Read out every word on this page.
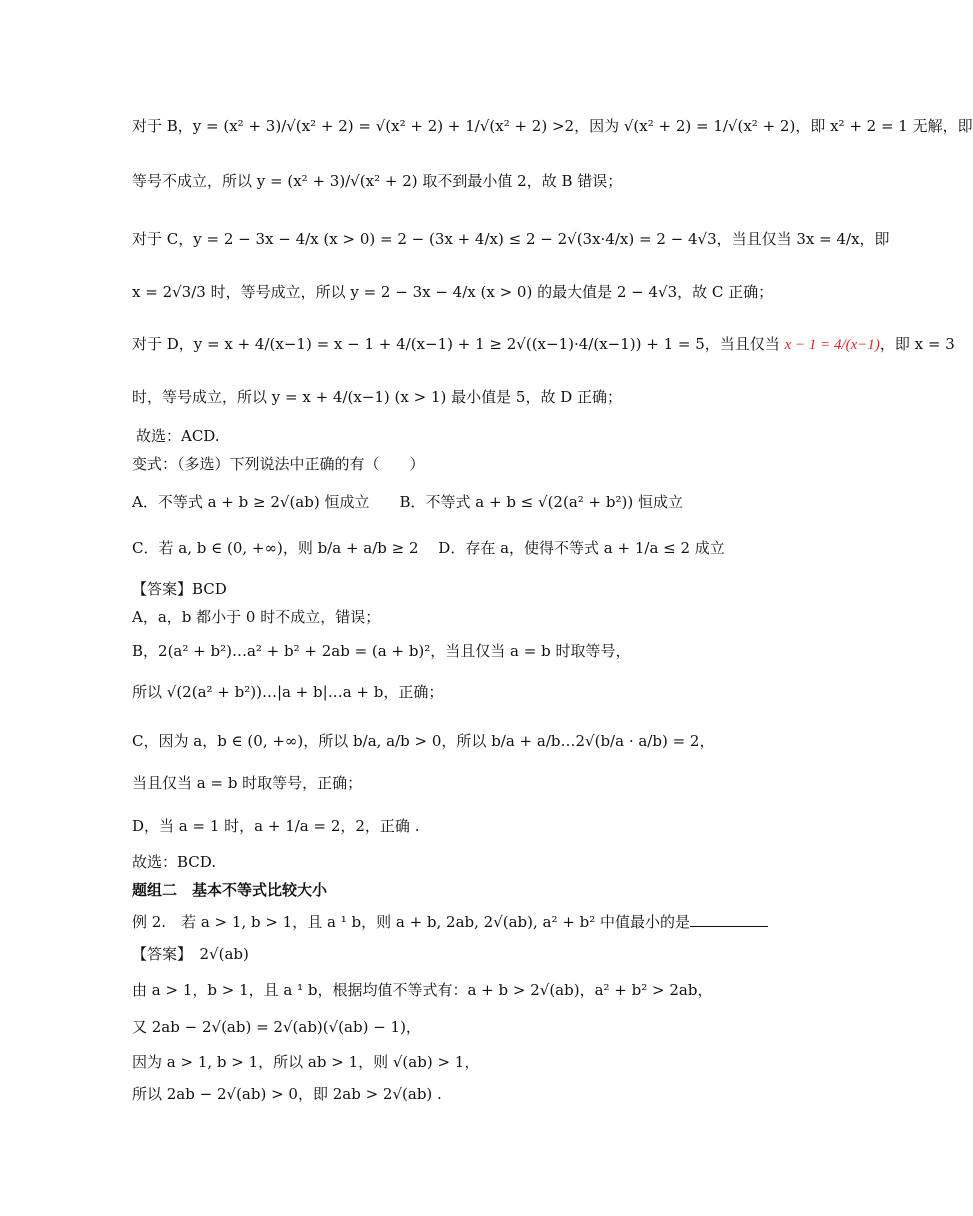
对于 B，y = (x² + 3)/√(x² + 2) = √(x² + 2) + 1/√(x² + 2) >2，因为 √(x² + 2) = 1/√(x² + 2)，即 x² + 2 = 1 无解，即
等号不成立，所以 y = (x² + 3)/√(x² + 2) 取不到最小值 2，故 B 错误；
对于 C，y = 2 − 3x − 4/x (x > 0) = 2 − (3x + 4/x) ≤ 2 − 2√(3x·4/x) = 2 − 4√3，当且仅当 3x = 4/x，即
x = 2√3/3 时，等号成立，所以 y = 2 − 3x − 4/x (x > 0) 的最大值是 2 − 4√3，故 C 正确；
对于 D，y = x + 4/(x−1) = x − 1 + 4/(x−1) + 1 ≥ 2√((x−1)·4/(x−1)) + 1 = 5，当且仅当 x − 1 = 4/(x−1)，即 x = 3
时，等号成立，所以 y = x + 4/(x−1) (x > 1) 最小值是 5，故 D 正确；
故选：ACD.
变式：（多选）下列说法中正确的有（　　）
A．不等式 a + b ≥ 2√(ab) 恒成立　　B．不等式 a + b ≤ √(2(a² + b²)) 恒成立
C．若 a, b ∈ (0, +∞)，则 b/a + a/b ≥ 2　 D．存在 a，使得不等式 a + 1/a ≤ 2 成立
【答案】BCD
A，a，b 都小于 0 时不成立，错误；
B，2(a² + b²)…a² + b² + 2ab = (a + b)²，当且仅当 a = b 时取等号，
所以 √(2(a² + b²))…|a + b|…a + b，正确；
C，因为 a，b ∈ (0, +∞)，所以 b/a, a/b > 0，所以 b/a + a/b…2√(b/a · a/b) = 2，
当且仅当 a = b 时取等号，正确；
D，当 a = 1 时，a + 1/a = 2，2，正确 .
故选：BCD.
题组二　基本不等式比较大小
例 2.　若 a > 1, b > 1，且 a ¹ b，则 a + b, 2ab, 2√(ab), a² + b² 中值最小的是
【答案】　2√(ab)
由 a > 1，b > 1，且 a ¹ b，根据均值不等式有：a + b > 2√(ab)，a² + b² > 2ab，
又 2ab − 2√(ab) = 2√(ab)(√(ab) − 1)，
因为 a > 1, b > 1，所以 ab > 1，则 √(ab) > 1，
所以 2ab − 2√(ab) > 0，即 2ab > 2√(ab) .
